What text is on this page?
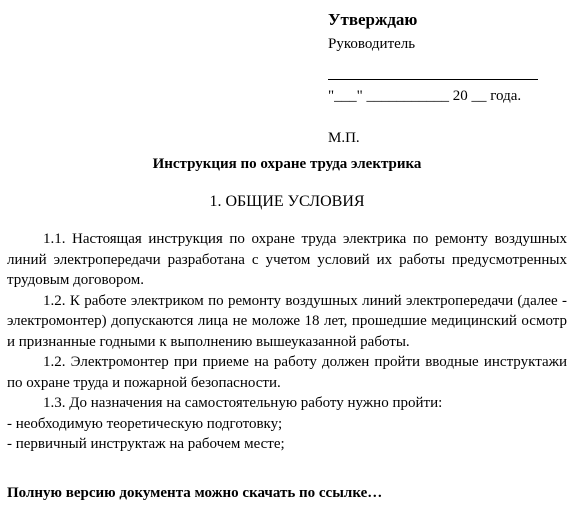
Утверждаю
Руководитель
"___" ___________ 20 __ года.
М.П.
Инструкция по охране труда электрика
1. ОБЩИЕ УСЛОВИЯ

1.1. Настоящая инструкция по охране труда электрика по ремонту воздушных линий электропередачи разработана с учетом условий их работы предусмотренных трудовым договором.

1.2. К работе электриком по ремонту воздушных линий электропередачи (далее - электромонтер) допускаются лица не моложе 18 лет, прошедшие медицинский осмотр и признанные годными к выполнению вышеуказанной работы.

1.2. Электромонтер при приеме на работу должен пройти вводные инструктажи по охране труда и пожарной безопасности.

1.3. До назначения на самостоятельную работу нужно пройти:

- необходимую теоретическую подготовку;

- первичный инструктаж на рабочем месте;

Полную версию документа можно скачать по ссылке…
